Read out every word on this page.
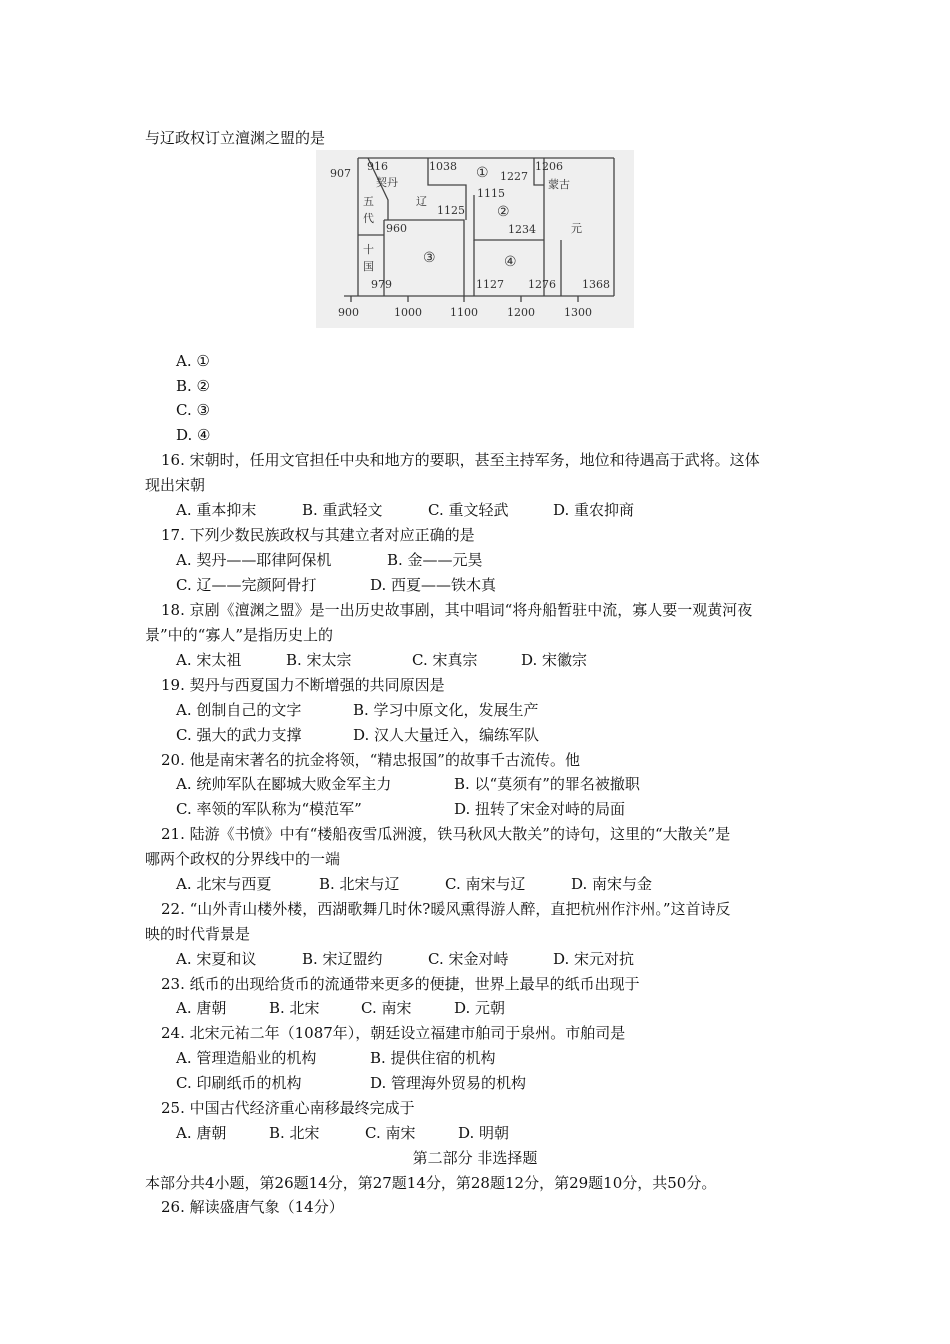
与辽政权订立澶渊之盟的是
907
916	1038
1227
1206
1115
1125
960	1234
979	1127 1276 1368
900	1000	1100	1200	1300
契丹
辽
五
代
十
国
蒙古
元
①
②
③	④
A. ①
B. ②
C. ③
D. ④
16. 宋朝时，任用文官担任中央和地方的要职，甚至主持军务，地位和待遇高于武将。这体
现出宋朝
A. 重本抑末	B. 重武轻文	C. 重文轻武	D. 重农抑商
17. 下列少数民族政权与其建立者对应正确的是
A. 契丹——耶律阿保机	B. 金——元昊
C. 辽——完颜阿骨打	D. 西夏——铁木真
18. 京剧《澶渊之盟》是一出历史故事剧，其中唱词“将舟船暂驻中流，寡人要一观黄河夜
景”中的“寡人”是指历史上的
A. 宋太祖	B. 宋太宗	C. 宋真宗	D. 宋徽宗
19. 契丹与西夏国力不断增强的共同原因是
A. 创制自己的文字	B. 学习中原文化，发展生产
C. 强大的武力支撑	D. 汉人大量迁入，编练军队
20. 他是南宋著名的抗金将领，“精忠报国”的故事千古流传。他
A. 统帅军队在郾城大败金军主力	B. 以“莫须有”的罪名被撤职
C. 率领的军队称为“模范军”	D. 扭转了宋金对峙的局面
21. 陆游《书愤》中有“楼船夜雪瓜洲渡，铁马秋风大散关”的诗句，这里的“大散关”是
哪两个政权的分界线中的一端
A. 北宋与西夏	B. 北宋与辽	C. 南宋与辽	D. 南宋与金
22. “山外青山楼外楼，西湖歌舞几时休?暖风熏得游人醉，直把杭州作汴州。”这首诗反
映的时代背景是
A. 宋夏和议	B. 宋辽盟约	C. 宋金对峙	D. 宋元对抗
23. 纸币的出现给货币的流通带来更多的便捷，世界上最早的纸币出现于
A. 唐朝	B. 北宋	C. 南宋	D. 元朝
24. 北宋元祐二年（1087年），朝廷设立福建市舶司于泉州。市舶司是
A. 管理造船业的机构	B. 提供住宿的机构
C. 印刷纸币的机构	D. 管理海外贸易的机构
25. 中国古代经济重心南移最终完成于
A. 唐朝	B. 北宋	C. 南宋	D. 明朝
第二部分 非选择题
本部分共4小题，第26题14分，第27题14分，第28题12分，第29题10分，共50分。
26. 解读盛唐气象（14分）
